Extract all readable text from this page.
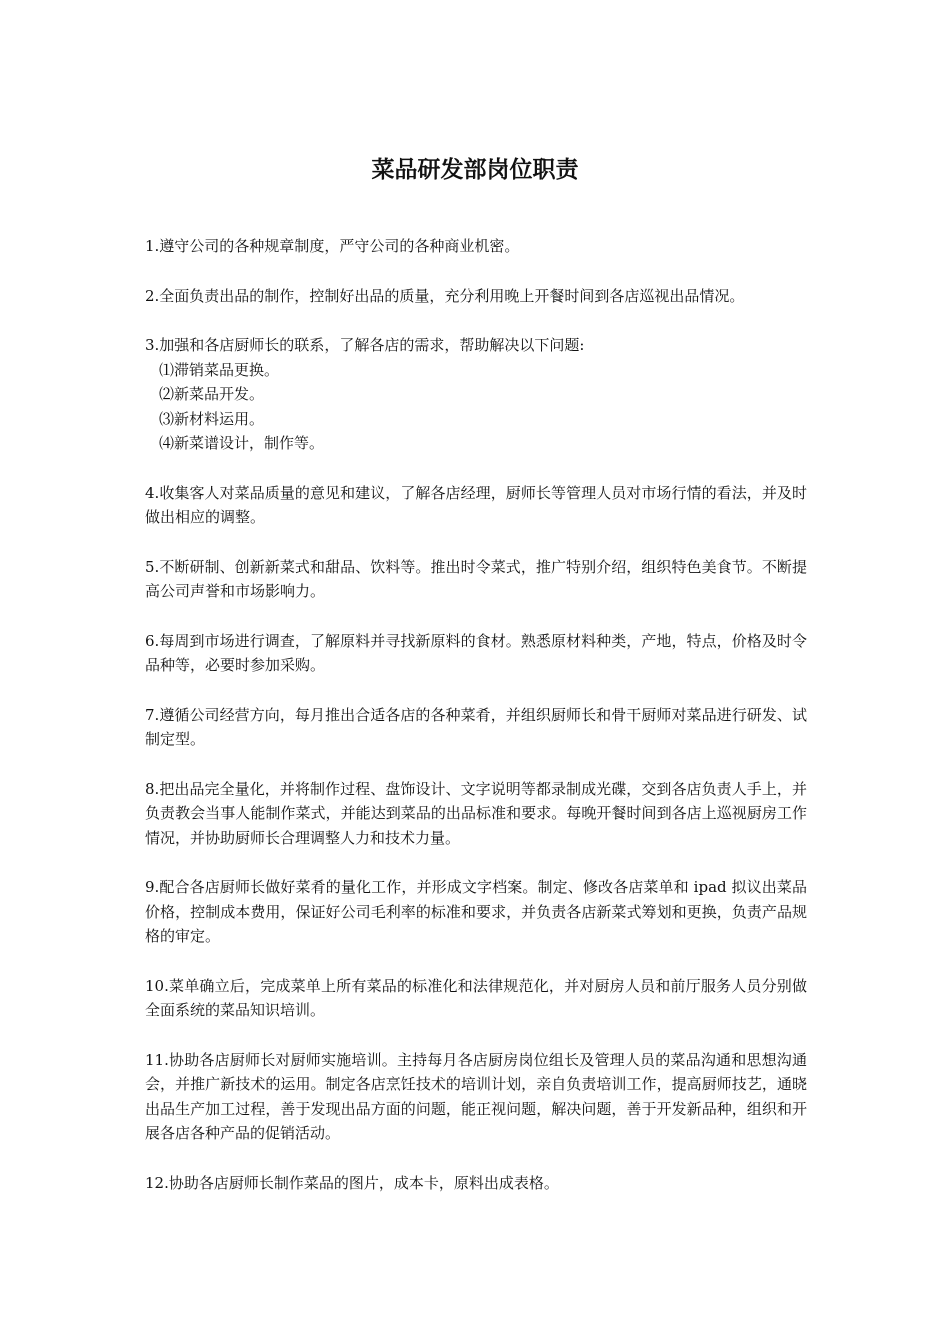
菜品研发部岗位职责

1.遵守公司的各种规章制度，严守公司的各种商业机密。

2.全面负责出品的制作，控制好出品的质量，充分利用晚上开餐时间到各店巡视出品情况。

3.加强和各店厨师长的联系，了解各店的需求，帮助解决以下问题:

⑴滞销菜品更换。

⑵新菜品开发。

⑶新材料运用。

⑷新菜谱设计，制作等。

4.收集客人对菜品质量的意见和建议，了解各店经理，厨师长等管理人员对市场行情的看法，并及时做出相应的调整。

5.不断研制、创新新菜式和甜品、饮料等。推出时令菜式，推广特别介绍，组织特色美食节。不断提高公司声誉和市场影响力。

6.每周到市场进行调查，了解原料并寻找新原料的食材。熟悉原材料种类，产地，特点，价格及时令品种等，必要时参加采购。

7.遵循公司经营方向，每月推出合适各店的各种菜肴，并组织厨师长和骨干厨师对菜品进行研发、试制定型。

8.把出品完全量化，并将制作过程、盘饰设计、文字说明等都录制成光碟，交到各店负责人手上，并负责教会当事人能制作菜式，并能达到菜品的出品标准和要求。每晚开餐时间到各店上巡视厨房工作情况，并协助厨师长合理调整人力和技术力量。

9.配合各店厨师长做好菜肴的量化工作，并形成文字档案。制定、修改各店菜单和 ipad 拟议出菜品价格，控制成本费用，保证好公司毛利率的标准和要求，并负责各店新菜式筹划和更换，负责产品规格的审定。

10.菜单确立后，完成菜单上所有菜品的标准化和法律规范化，并对厨房人员和前厅服务人员分别做全面系统的菜品知识培训。

11.协助各店厨师长对厨师实施培训。主持每月各店厨房岗位组长及管理人员的菜品沟通和思想沟通会，并推广新技术的运用。制定各店烹饪技术的培训计划，亲自负责培训工作，提高厨师技艺，通晓出品生产加工过程，善于发现出品方面的问题，能正视问题，解决问题，善于开发新品种，组织和开展各店各种产品的促销活动。

12.协助各店厨师长制作菜品的图片，成本卡，原料出成表格。
